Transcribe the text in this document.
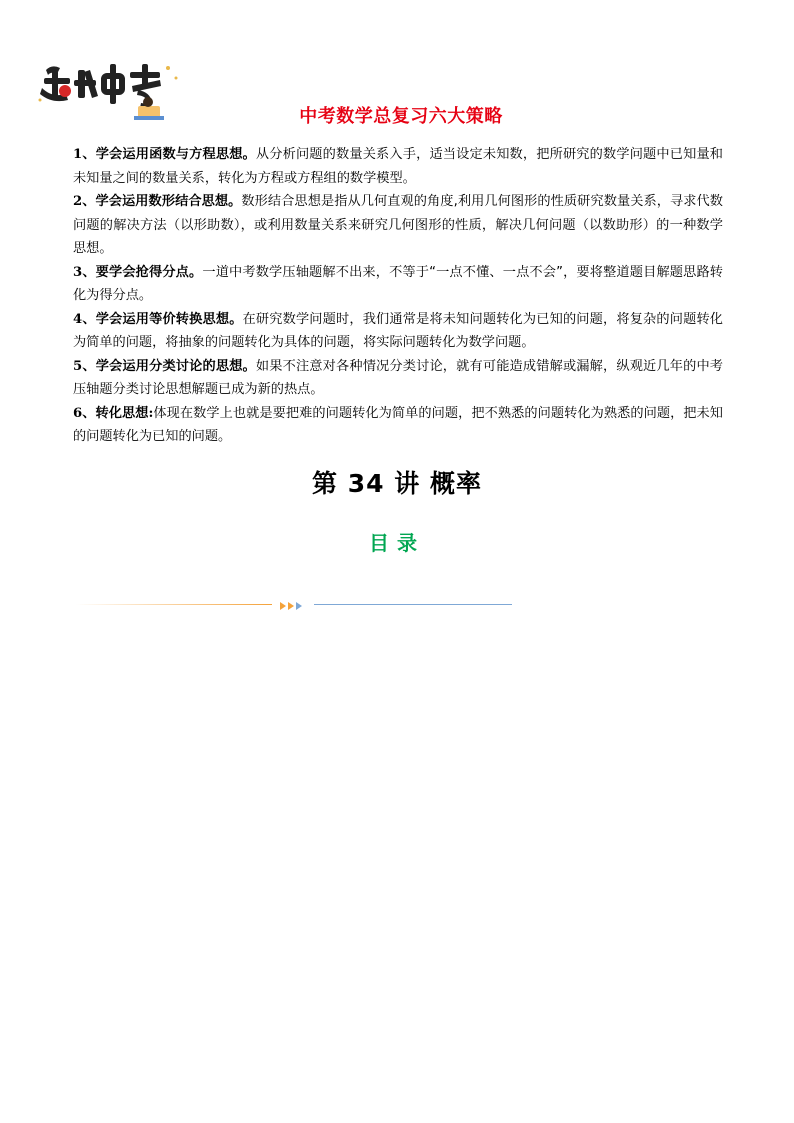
中考数学总复习六大策略

1、学会运用函数与方程思想。从分析问题的数量关系入手，适当设定未知数，把所研究的数学问题中已知量和未知量之间的数量关系，转化为方程或方程组的数学模型。

2、学会运用数形结合思想。数形结合思想是指从几何直观的角度,利用几何图形的性质研究数量关系，寻求代数问题的解决方法（以形助数），或利用数量关系来研究几何图形的性质，解决几何问题（以数助形）的一种数学思想。

3、要学会抢得分点。一道中考数学压轴题解不出来，不等于“一点不懂、一点不会”，要将整道题目解题思路转化为得分点。

4、学会运用等价转换思想。在研究数学问题时，我们通常是将未知问题转化为已知的问题，将复杂的问题转化为简单的问题，将抽象的问题转化为具体的问题，将实际问题转化为数学问题。

5、学会运用分类讨论的思想。如果不注意对各种情况分类讨论，就有可能造成错解或漏解，纵观近几年的中考压轴题分类讨论思想解题已成为新的热点。

6、转化思想:体现在数学上也就是要把难的问题转化为简单的问题，把不熟悉的问题转化为熟悉的问题，把未知的问题转化为已知的问题。

第 34 讲 概率
目录
